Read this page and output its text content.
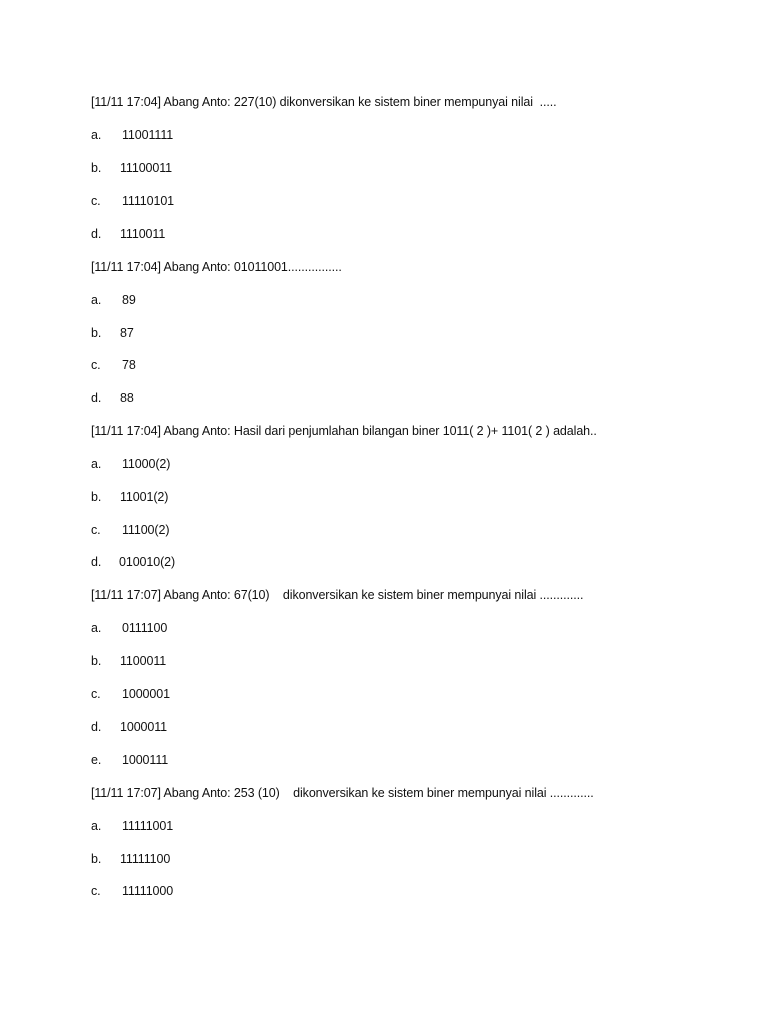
[11/11 17:04] Abang Anto: 227(10) dikonversikan ke sistem biner mempunyai nilai  .....

a.

11001111

b.

11100011

c.

11110101

d.

1110011

[11/11 17:04] Abang Anto: 01011001................

a.

89

b.

87

c.

78

d.

88

[11/11 17:04] Abang Anto: Hasil dari penjumlahan bilangan biner 1011( 2 )+ 1101( 2 ) adalah..

a.

11000(2)

b.

11001(2)

c.

11100(2)

d.

010010(2)

[11/11 17:07] Abang Anto: 67(10)    dikonversikan ke sistem biner mempunyai nilai .............

a.

0111100

b.

1100011

c.

1000001

d.

1000011

e.

1000111

[11/11 17:07] Abang Anto: 253 (10)    dikonversikan ke sistem biner mempunyai nilai .............

a.

11111001

b.

11111100

c.

11111000
